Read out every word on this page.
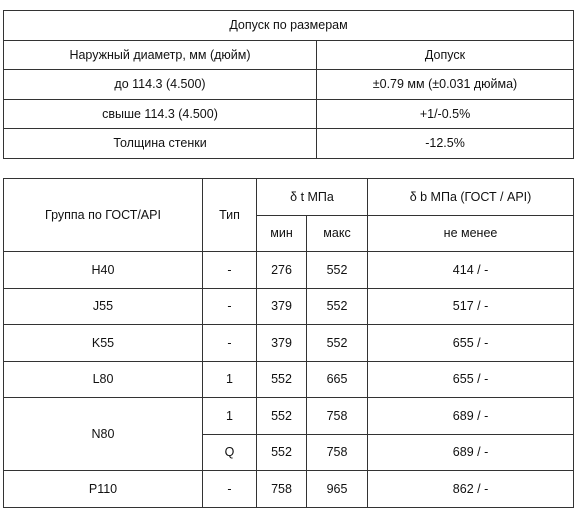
Допуск по размерам	
Наружный диаметр, мм (дюйм)	Допуск
до 114.3 (4.500)	±0.79 мм (±0.031 дюйма)
свыше 114.3 (4.500)	+1/-0.5%
Толщина стенки	-12.5%
Группа по ГОСТ/API	Тип	δ t МПа		δ b МПа (ГОСТ / API)
		мин	макс	не менее
H40	-	276	552	414 / -
J55	-	379	552	517 / -
K55	-	379	552	655 / -
L80	1	552	665	655 / -
N80	1	552	758	689 / -
	Q	552	758	689 / -
P110	-	758	965	862 / -
